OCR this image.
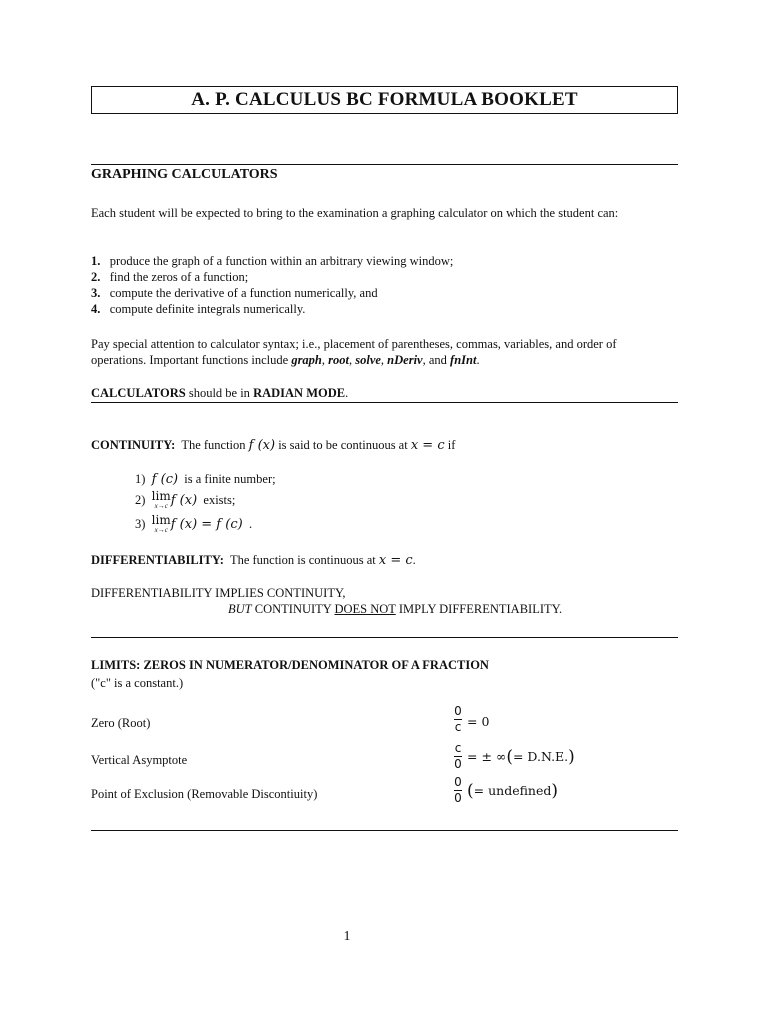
A. P. CALCULUS BC FORMULA BOOKLET
GRAPHING CALCULATORS
Each student will be expected to bring to the examination a graphing calculator on which the student can:
1. produce the graph of a function within an arbitrary viewing window;
2. find the zeros of a function;
3. compute the derivative of a function numerically, and
4. compute definite integrals numerically.
Pay special attention to calculator syntax; i.e., placement of parentheses, commas, variables, and order of
operations. Important functions include graph, root, solve, nDeriv, and fnInt.
CALCULATORS should be in RADIAN MODE.
CONTINUITY: The function f (x) is said to be continuous at x = c if
1) f (c) is a finite number;
2) lim
x→c f (x) exists;
3) lim
x→c f (x) = f (c) .
DIFFERENTIABILITY: The function is continuous at x = c.
DIFFERENTIABILITY IMPLIES CONTINUITY,
BUT CONTINUITY DOES NOT IMPLY DIFFERENTIABILITY.
LIMITS: ZEROS IN NUMERATOR/DENOMINATOR OF A FRACTION
("c" is a constant.)
Zero (Root)
0
c = 0
Vertical Asymptote
c
0 = ± ∞(= D.N.E.)
Point of Exclusion (Removable Discontiuity)
0
0 (= undefined)
1
